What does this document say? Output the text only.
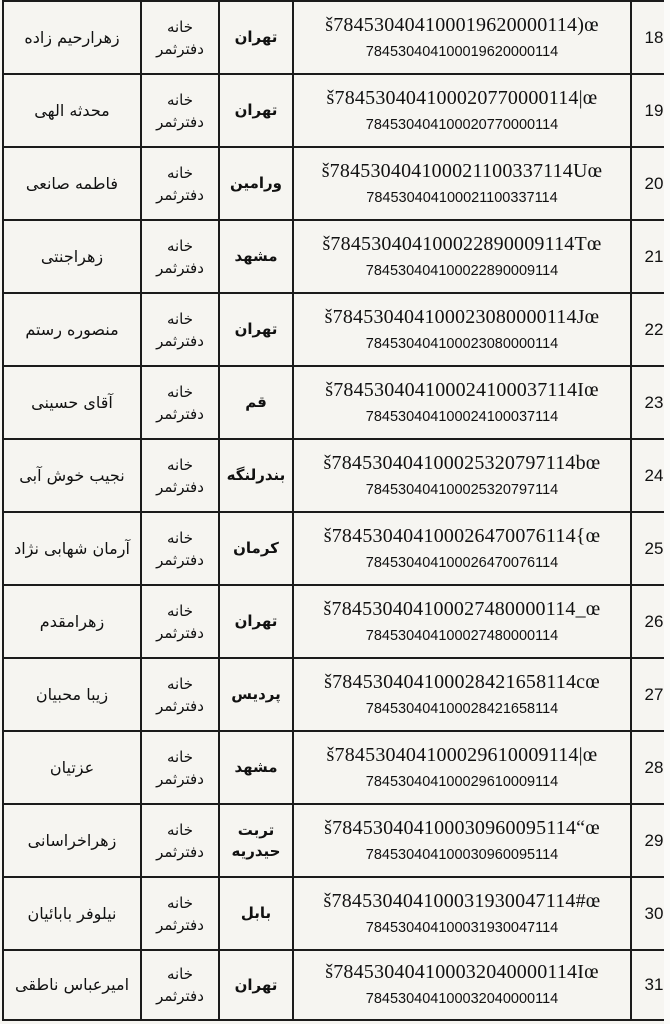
زهرارحیم زاده	خانه دفترثمر	تهران	š784530404100019620000114)œ
784530404100019620000114	18
محدثه الهی	خانه دفترثمر	تهران	š784530404100020770000114|œ
784530404100020770000114	19
فاطمه صانعی	خانه دفترثمر	ورامین	š784530404100021100337114Uœ
784530404100021100337114	20
زهراجنتی	خانه دفترثمر	مشهد	š784530404100022890009114Tœ
784530404100022890009114	21
منصوره رستم	خانه دفترثمر	تهران	š784530404100023080000114Jœ
784530404100023080000114	22
آقای حسینی	خانه دفترثمر	قم	š784530404100024100037114Iœ
784530404100024100037114	23
نجیب خوش آبی	خانه دفترثمر	بندرلنگه	š784530404100025320797114bœ
784530404100025320797114	24
آرمان شهابی نژاد	خانه دفترثمر	کرمان	š784530404100026470076114{œ
784530404100026470076114	25
زهرامقدم	خانه دفترثمر	تهران	š784530404100027480000114_œ
784530404100027480000114	26
زیبا محبیان	خانه دفترثمر	پردیس	š784530404100028421658114cœ
784530404100028421658114	27
عزتیان	خانه دفترثمر	مشهد	š784530404100029610009114|œ
784530404100029610009114	28
زهراخراسانی	خانه دفترثمر	تربت حیدریه	š784530404100030960095114“œ
784530404100030960095114	29
نیلوفر بابائیان	خانه دفترثمر	بابل	š784530404100031930047114#œ
784530404100031930047114	30
امیرعباس ناطقی	خانه دفترثمر	تهران	š784530404100032040000114Iœ
784530404100032040000114	31
